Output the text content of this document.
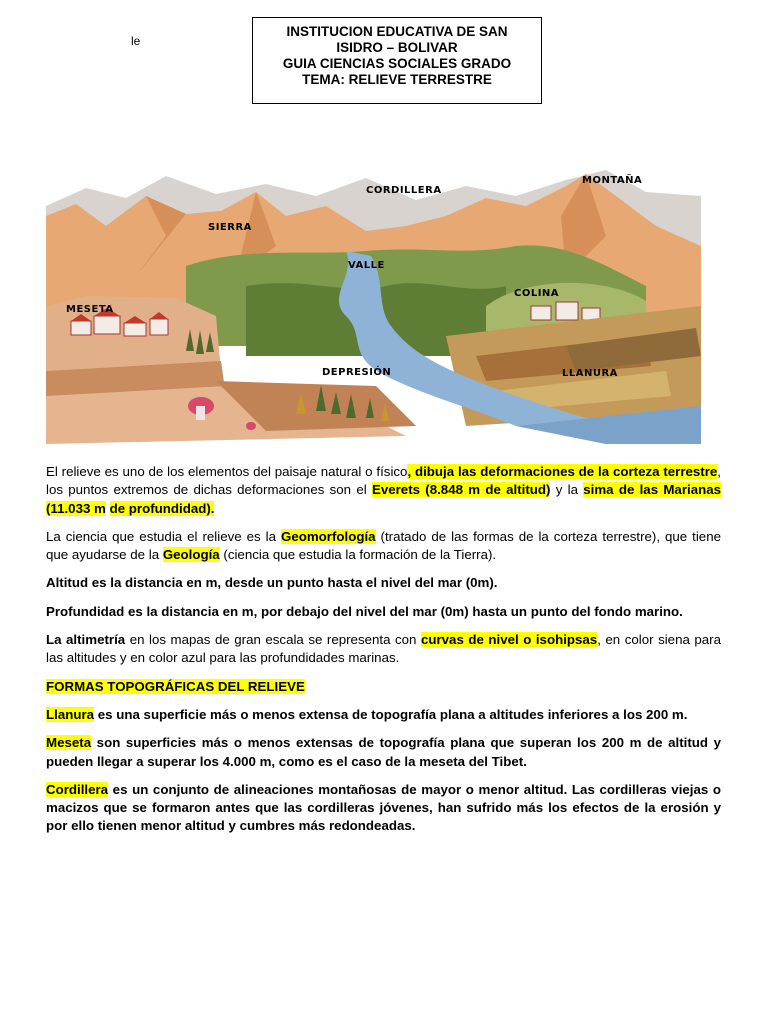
le
INSTITUCION EDUCATIVA DE SAN
ISIDRO – BOLIVAR
GUIA CIENCIAS SOCIALES GRADO
TEMA: RELIEVE TERRESTRE
CORDILLERA
MONTAÑA
SIERRA
VALLE
COLINA
MESETA
DEPRESIÓN	LLANURA

El relieve es uno de los elementos del paisaje natural o físico, dibuja las deformaciones de la corteza terrestre, los puntos extremos de dichas deformaciones son el Everets (8.848 m de altitud) y la sima de las Marianas (11.033 m de profundidad).

La ciencia que estudia el relieve es la Geomorfología (tratado de las formas de la corteza terrestre), que tiene que ayudarse de la Geología (ciencia que estudia la formación de la Tierra).

Altitud es la distancia en m, desde un punto hasta el nivel del mar (0m).

Profundidad es la distancia en m, por debajo del nivel del mar (0m) hasta un punto del fondo marino.

La altimetría en los mapas de gran escala se representa con curvas de nivel o isohipsas, en color siena para las altitudes y en color azul para las profundidades marinas.

FORMAS TOPOGRÁFICAS DEL RELIEVE

Llanura es una superficie más o menos extensa de topografía plana a altitudes inferiores a los 200 m.

Meseta son superficies más o menos extensas de topografía plana que superan los 200 m de altitud y pueden llegar a superar los 4.000 m, como es el caso de la meseta del Tibet.

Cordillera es un conjunto de alineaciones montañosas de mayor o menor altitud. Las cordilleras viejas o macizos que se formaron antes que las cordilleras jóvenes, han sufrido más los efectos de la erosión y por ello tienen menor altitud y cumbres más redondeadas.
